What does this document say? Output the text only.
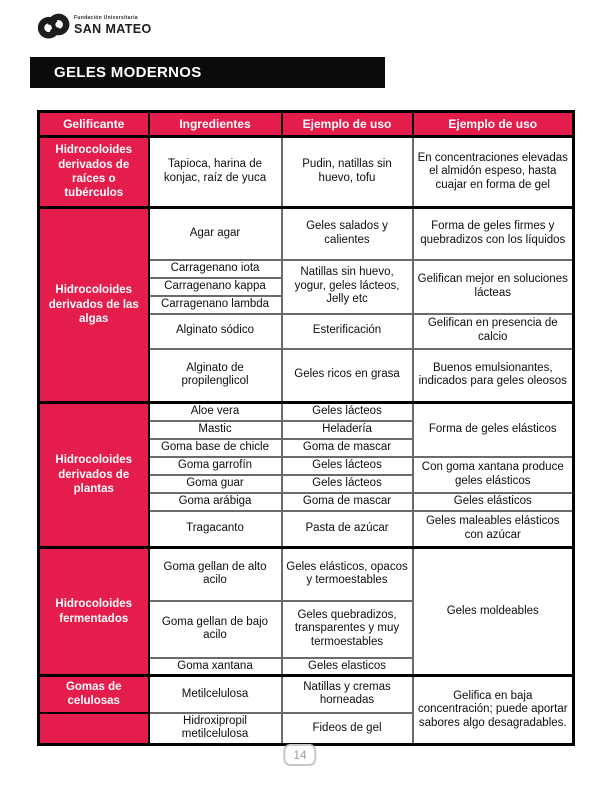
Fundación Universitaria
SAN MATEO
GELES MODERNOS
Gelificante	Ingredientes	Ejemplo de uso	Ejemplo de uso
Hidrocoloides derivados de raíces o tubérculos	Tapioca, harina de konjac, raíz de yuca	Pudin, natillas sin huevo, tofu	En concentraciones elevadas el almidón espeso, hasta cuajar en forma de gel
Hidrocoloides derivados de las algas	Agar agar	Geles salados y calientes	Forma de geles firmes y quebradizos con los líquidos
	Carragenano iota	Natillas sin huevo, yogur, geles lácteos, Jelly etc	Gelifican mejor en soluciones lácteas
	Carragenano kappa		
	Carragenano lambda		
	Alginato sódico	Esterificación	Gelifican en presencia de calcio
	Alginato de propilenglicol	Geles ricos en grasa	Buenos emulsionantes, indicados para geles oleosos
Hidrocoloides derivados de plantas	Aloe vera	Geles lácteos	Forma de geles elásticos
	Mastic	Heladería	
	Goma base de chicle	Goma de mascar	
	Goma garrofín	Geles lácteos	Con goma xantana produce geles elásticos
	Goma guar	Geles lácteos	
	Goma arábiga	Goma de mascar	Geles elásticos
	Tragacanto	Pasta de azúcar	Geles maleables elásticos con azúcar
Hidrocoloides fermentados	Goma gellan de alto acilo	Geles elásticos, opacos y termoestables	Geles moldeables
	Goma gellan de bajo acilo	Geles quebradizos, transparentes y muy termoestables	
	Goma xantana	Geles elasticos	
Gomas de celulosas	Metilcelulosa	Natillas y cremas horneadas	Gelifica en baja concentración; puede aportar sabores algo desagradables.
	Hidroxipropil metilcelulosa	Fideos de gel	
14
